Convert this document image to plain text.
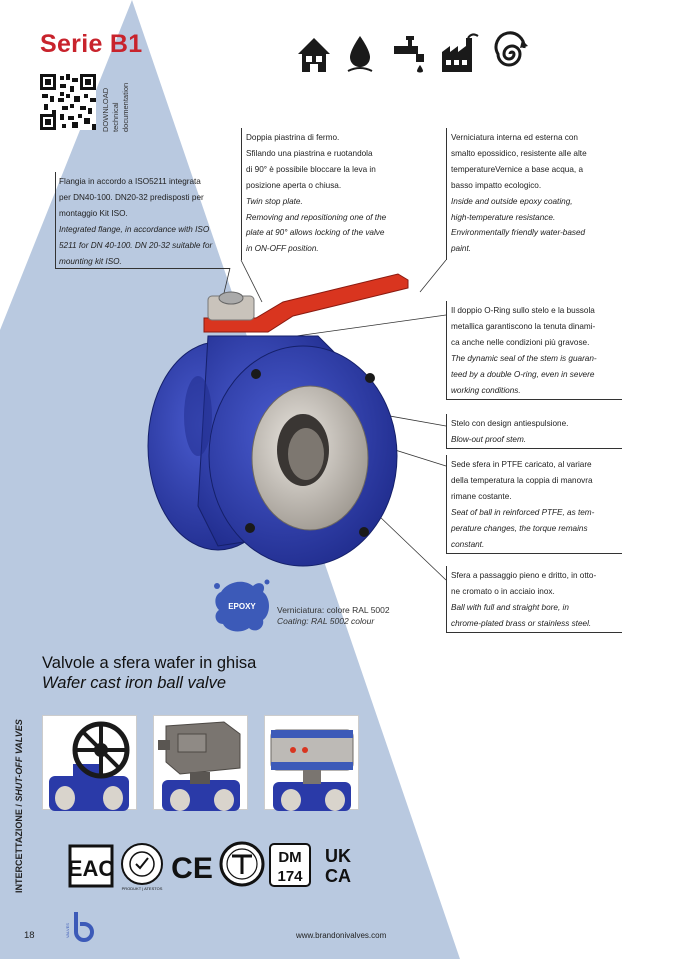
Serie B1
DOWNLOAD technical documentation

Doppia piastrina di fermo.

Sfilando una piastrina e ruotandola

di 90° è possibile bloccare la leva in

posizione aperta o chiusa.

Twin stop plate.

Removing and repositioning one of the

plate at 90° allows locking of the valve

in ON-OFF position.

Verniciatura interna ed esterna con

smalto epossidico, resistente alle alte

temperatureVernice a base acqua, a

basso impatto ecologico.

Inside and outside epoxy coating,

high-temperature resistance.

Environmentally friendly water-based

paint.

Flangia in accordo a ISO5211 integrata

per DN40-100. DN20-32 predisposti per

montaggio Kit ISO.

Integrated flange, in accordance with ISO

5211 for DN 40-100. DN 20-32 suitable for

mounting kit ISO.

Il doppio O-Ring sullo stelo e la bussola

metallica garantiscono la tenuta dinami-

ca anche nelle condizioni più gravose.

The dynamic seal of the stem is guaran-

teed by a double O-ring, even in severe

working conditions.

Stelo con design antiespulsione.

Blow-out proof stem.

Sede sfera in PTFE caricato, al variare

della temperatura la coppia di manovra

rimane costante.

Seat of ball in reinforced PTFE, as tem-

perature changes, the torque remains

constant.

Sfera a passaggio pieno e dritto, in otto-

ne cromato o in acciaio inox.

Ball with full and straight bore, in

chrome-plated brass or stainless steel.

EPOXY Verniciatura: colore RAL 5002
Coating: RAL 5002 colour
Valvole a sfera wafer in ghisa
Wafer cast iron ball valve
INTERCETTAZIONE / SHUT-OFF VALVES
EAC
PRODUKT | ATESTOS
CE	DM
174
UK
CA
18	VALVES	www.brandonivalves.com
